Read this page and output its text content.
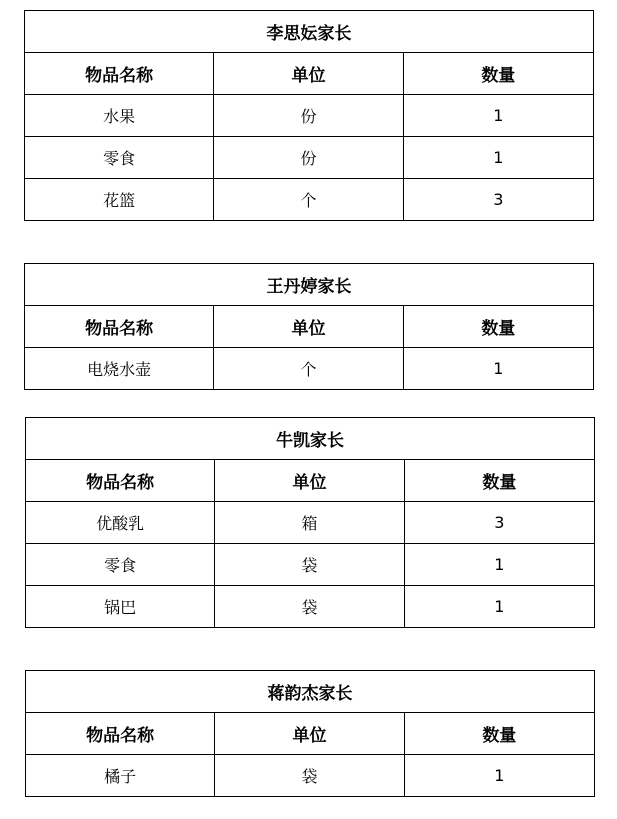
李思妘家长		
物品名称	单位	数量
水果	份	1
零食	份	1
花篮	个	3
王丹婷家长		
物品名称	单位	数量
电烧水壶	个	1
牛凯家长		
物品名称	单位	数量
优酸乳	箱	3
零食	袋	1
锅巴	袋	1
蒋韵杰家长		
物品名称	单位	数量
橘子	袋	1
